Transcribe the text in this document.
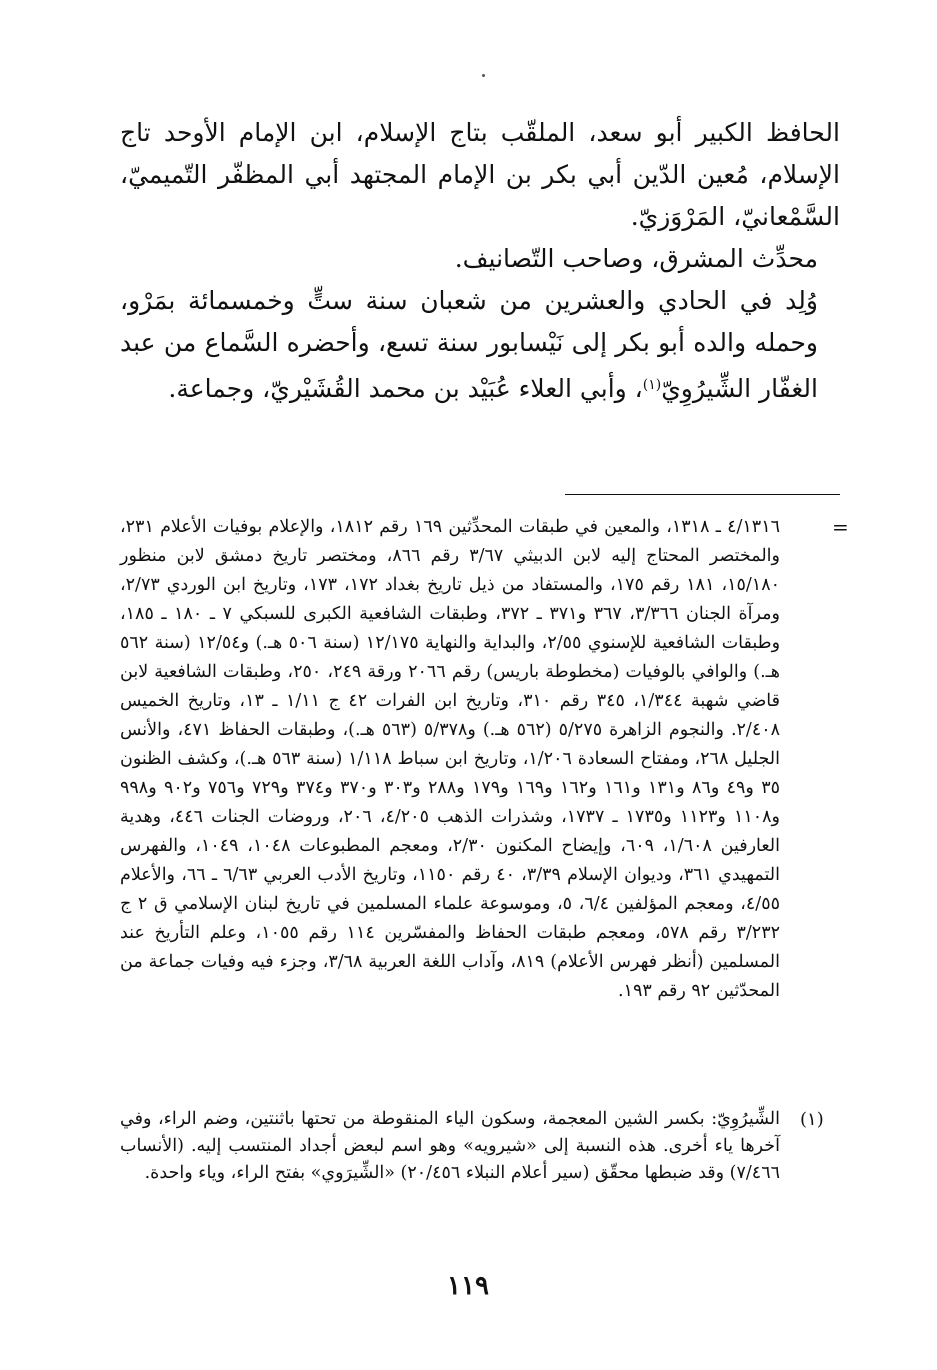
الحافظ الكبير أبو سعد، الملقّب بتاج الإسلام، ابن الإمام الأوحد تاج الإسلام، مُعين الدّين أبي بكر بن الإمام المجتهد أبي المظفّر التّميميّ، السَّمْعانيّ، المَرْوَزيّ.

محدِّث المشرق، وصاحب التّصانيف.

وُلِد في الحادي والعشرين من شعبان سنة ستٍّ وخمسمائة بمَرْو، وحمله والده أبو بكر إلى نَيْسابور سنة تسع، وأحضره السَّماع من عبد الغفّار الشِّيرُوِيّ$^{(١)}$، وأبي العلاء عُبَيْد بن محمد القُشَيْريّ، وجماعة.

=
٤/١٣١٦ ـ ١٣١٨، والمعين في طبقات المحدِّثين ١٦٩ رقم ١٨١٢، والإعلام بوفيات الأعلام ٢٣١، والمختصر المحتاج إليه لابن الدبيثي ٣/٦٧ رقم ٨٦٦، ومختصر تاريخ دمشق لابن منظور ١٥/١٨٠، ١٨١ رقم ١٧٥، والمستفاد من ذيل تاريخ بغداد ١٧٢، ١٧٣، وتاريخ ابن الوردي ٢/٧٣، ومرآة الجنان ٣/٣٦٦، ٣٦٧ و٣٧١ ـ ٣٧٢، وطبقات الشافعية الكبرى للسبكي ٧ ـ ١٨٠ ـ ١٨٥، وطبقات الشافعية للإسنوي ٢/٥٥، والبداية والنهاية ١٢/١٧٥ (سنة ٥٠٦ هـ.) و١٢/٥٤ (سنة ٥٦٢ هـ.) والوافي بالوفيات (مخطوطة باريس) رقم ٢٠٦٦ ورقة ٢٤٩، ٢٥٠، وطبقات الشافعية لابن قاضي شهبة ١/٣٤٤، ٣٤٥ رقم ٣١٠، وتاريخ ابن الفرات ٤٢ ج ١/١١ ـ ١٣، وتاريخ الخميس ٢/٤٠٨. والنجوم الزاهرة ٥/٢٧٥ (٥٦٢ هـ.) و٥/٣٧٨ (٥٦٣ هـ.)، وطبقات الحفاظ ٤٧١، والأنس الجليل ٢٦٨، ومفتاح السعادة ١/٢٠٦، وتاريخ ابن سباط ١/١١٨ (سنة ٥٦٣ هـ.)، وكشف الظنون ٣٥ و٤٩ و٨٦ و١٣١ و١٦١ و١٦٢ و١٦٩ و١٧٩ و٢٨٨ و٣٠٣ و٣٧٠ و٣٧٤ و٧٢٩ و٧٥٦ و٩٠٢ و٩٩٨ و١١٠٨ و١١٢٣ و١٧٣٥ ـ ١٧٣٧، وشذرات الذهب ٤/٢٠٥، ٢٠٦، وروضات الجنات ٤٤٦، وهدية العارفين ١/٦٠٨، ٦٠٩، وإيضاح المكنون ٢/٣٠، ومعجم المطبوعات ١٠٤٨، ١٠٤٩، والفهرس التمهيدي ٣٦١، وديوان الإسلام ٣/٣٩، ٤٠ رقم ١١٥٠، وتاريخ الأدب العربي ٦/٦٣ ـ ٦٦، والأعلام ٤/٥٥، ومعجم المؤلفين ٦/٤، ٥، وموسوعة علماء المسلمين في تاريخ لبنان الإسلامي ق ٢ ج ٣/٢٣٢ رقم ٥٧٨، ومعجم طبقات الحفاظ والمفسّرين ١١٤ رقم ١٠٥٥، وعلم التأريخ عند المسلمين (أنظر فهرس الأعلام) ٨١٩، وآداب اللغة العربية ٣/٦٨، وجزء فيه وفيات جماعة من المحدّثين ٩٢ رقم ١٩٣.
(١)
الشِّيرُوِيّ: بكسر الشين المعجمة، وسكون الياء المنقوطة من تحتها باثنتين، وضم الراء، وفي آخرها ياء أخرى. هذه النسبة إلى «شيرويه» وهو اسم لبعض أجداد المنتسب إليه. (الأنساب ٧/٤٦٦) وقد ضبطها محقّق (سير أعلام النبلاء ٢٠/٤٥٦) «الشِّيرَوي» بفتح الراء، وياء واحدة.
١١٩
